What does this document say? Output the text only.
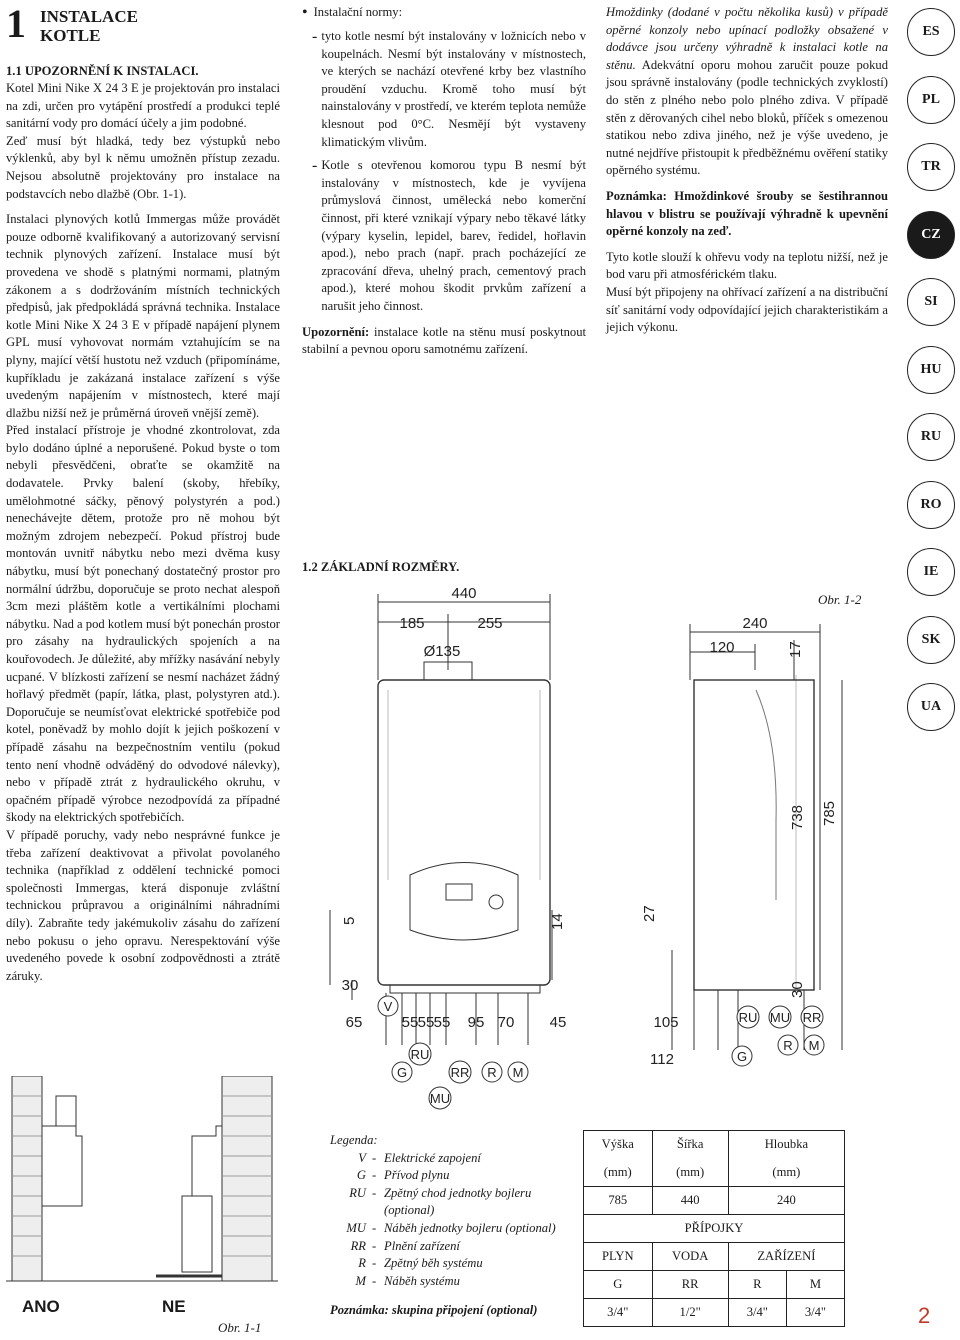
1 INSTALACE KOTLE
1.1 UPOZORNĚNÍ K INSTALACI.

Kotel Mini Nike X 24 3 E je projektován pro instalaci na zdi, určen pro vytápění prostředí a produkci teplé sanitární vody pro domácí účely a jim podobné.

Zeď musí být hladká, tedy bez výstupků nebo výklenků, aby byl k němu umožněn přístup zezadu. Nejsou absolutně projektovány pro instalace na podstavcích nebo dlažbě (Obr. 1-1).

Instalaci plynových kotlů Immergas může provádět pouze odborně kvalifikovaný a autorizovaný servisní technik plynových zařízení. Instalace musí být provedena ve shodě s platnými normami, platným zákonem a s dodržováním místních technických předpisů, jak předpokládá správná technika. Instalace kotle Mini Nike X 24 3 E v případě napájení plynem GPL musí vyhovovat normám vztahujícím se na plyny, mající větší hustotu než vzduch (připomínáme, kupříkladu je zakázaná instalace zařízení s výše uvedeným napájením v místnostech, které mají dlažbu nižší než je průměrná úroveň vnější země).

Před instalací přístroje je vhodné zkontrolovat, zda bylo dodáno úplné a neporušené. Pokud byste o tom nebyli přesvědčeni, obraťte se okamžitě na dodavatele. Prvky balení (skoby, hřebíky, umělohmotné sáčky, pěnový polystyrén a pod.) nenechávejte dětem, protože pro ně mohou být možným zdrojem nebezpečí. Pokud přístroj bude montován uvnitř nábytku nebo mezi dvěma kusy nábytku, musí být ponechaný dostatečný prostor pro normální údržbu, doporučuje se proto nechat alespoň 3cm mezi pláštěm kotle a vertikálními plochami nábytku. Nad a pod kotlem musí být ponechán prostor pro zásahy na hydraulických spojeních a na kouřovodech. Je důležité, aby mřížky nasávání nebyly ucpané. V blízkosti zařízení se nesmí nacházet žádný hořlavý předmět (papír, látka, plast, polystyren atd.). Doporučuje se neumísťovat elektrické spotřebiče pod kotel, poněvadž by mohlo dojít k jejich poškození v případě zásahu na bezpečnostním ventilu (pokud tento není vhodně odváděný do odvodové nálevky), nebo v případě ztrát z hydraulického okruhu, v opačném případě výrobce nezodpovídá za případné škody na elektrických spotřebičích.

V případě poruchy, vady nebo nesprávné funkce je třeba zařízení deaktivovat a přivolat povolaného technika (například z oddělení technické pomoci společnosti Immergas, která disponuje zvláštní technickou průpravou a originálními náhradními díly). Zabraňte tedy jakémukoliv zásahu do zařízení nebo pokusu o jeho opravu. Nerespektování výše uvedeného povede k osobní zodpovědnosti a ztrátě záruky.

• Instalační normy:

- tyto kotle nesmí být instalovány v ložnicích nebo v koupelnách. Nesmí být instalovány v místnostech, ve kterých se nachází otevřené krby bez vlastního proudění vzduchu. Kromě toho musí být nainstalovány v prostředí, ve kterém teplota nemůže klesnout pod 0°C. Nesmějí být vystaveny klimatickým vlivům.

- Kotle s otevřenou komorou typu B nesmí být instalovány v místnostech, kde je vyvíjena průmyslová činnost, umělecká nebo komerční činnost, při které vznikají výpary nebo těkavé látky (výpary kyselin, lepidel, barev, ředidel, hořlavin apod.), nebo prach (např. prach pocházející ze zpracování dřeva, uhelný prach, cementový prach apod.), které mohou škodit prvkům zařízení a narušit jeho činnost.

Upozornění: instalace kotle na stěnu musí poskytnout stabilní a pevnou oporu samotnému zařízení.

1.2 ZÁKLADNÍ ROZMĚRY.

Hmoždinky (dodané v počtu několika kusů) v případě opěrné konzoly nebo upínací podložky obsažené v dodávce jsou určeny výhradně k instalaci kotle na stěnu. Adekvátní oporu mohou zaručit pouze pokud jsou správně instalovány (podle technických zvyklostí) do stěn z plného nebo polo plného zdiva. V případě stěn z děrovaných cihel nebo bloků, příček s omezenou statikou nebo zdiva jiného, než je výše uvedeno, je nutné nejdříve přistoupit k předběžnému ověření statiky opěrného systému.

Poznámka: Hmoždinkové šrouby se šestihrannou hlavou v blistru se používají výhradně k upevnění opěrné konzoly na zeď.

Tyto kotle slouží k ohřevu vody na teplotu nižší, než je bod varu při atmosférickém tlaku.

Musí být připojeny na ohřívací zařízení a na distribuční síť sanitární vody odpovídající jejich charakteristikám a jejich výkonu.

ES
PL
TR
CZ
SI
HU
RU
RO
IE
SK
UA
Obr. 1-2
440
185	255
Ø135
30
240
120
V
RU
G
MU
RR R M
RU MU RR
G
R M
105
112
65	55 55 55 95 70 45
5	14
17
738 785
27
30
ANO	NE
Obr. 1-1
Legenda:
V - Elektrické zapojení
G - Přívod plynu
RU - Zpětný chod jednotky bojleru
(optional)
MU - Náběh jednotky bojleru (optional)
RR - Plnění zařízení
R - Zpětný běh systému
M - Náběh systému
Poznámka: skupina připojení (optional)
Výška	Šířka	Hloubka	
(mm)	(mm)	(mm)	
785	440	240	
PŘÍPOJKY			
PLYN	VODA	ZAŘÍZENÍ	
G	RR	R	M
3/4"	1/2"	3/4"	3/4"	2
